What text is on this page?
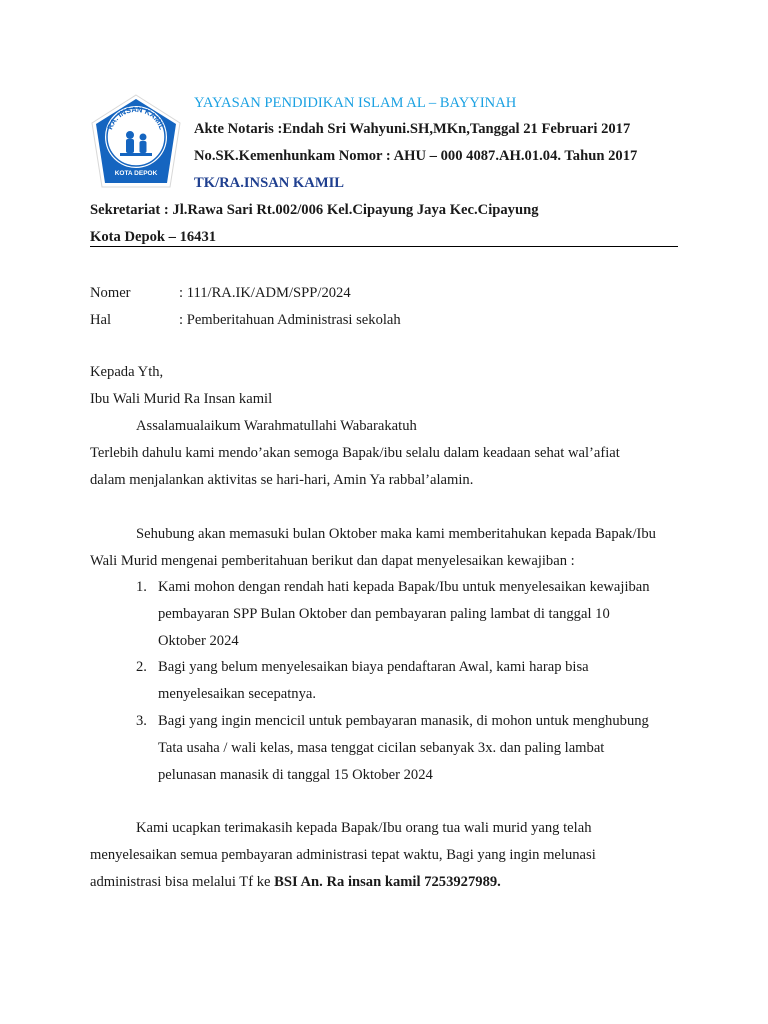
RA. INSAN KAMIL
KOTA DEPOK
YAYASAN PENDIDIKAN ISLAM AL – BAYYINAH
Akte Notaris :Endah Sri Wahyuni.SH,MKn,Tanggal 21 Februari 2017
No.SK.Kemenhunkam Nomor : AHU – 000 4087.AH.01.04. Tahun 2017
TK/RA.INSAN KAMIL
Sekretariat : Jl.Rawa Sari Rt.002/006 Kel.Cipayung Jaya Kec.Cipayung
Kota Depok – 16431
Nomer	: 111/RA.IK/ADM/SPP/2024
Hal	: Pemberitahuan Administrasi sekolah
Kepada Yth,
Ibu Wali Murid Ra Insan kamil
Assalamualaikum Warahmatullahi Wabarakatuh
Terlebih dahulu kami mendo’akan semoga Bapak/ibu selalu dalam keadaan sehat wal’afiat
dalam menjalankan aktivitas se hari-hari, Amin Ya rabbal’alamin.
Sehubung akan memasuki bulan Oktober maka kami memberitahukan kepada Bapak/Ibu
Wali Murid mengenai pemberitahuan berikut dan dapat menyelesaikan kewajiban :
1. Kami mohon dengan rendah hati kepada Bapak/Ibu untuk menyelesaikan kewajiban
pembayaran SPP Bulan Oktober dan pembayaran paling lambat di tanggal 10
Oktober 2024
2. Bagi yang belum menyelesaikan biaya pendaftaran Awal, kami harap bisa
menyelesaikan secepatnya.
3. Bagi yang ingin mencicil untuk pembayaran manasik, di mohon untuk menghubung
Tata usaha / wali kelas, masa tenggat cicilan sebanyak 3x. dan paling lambat
pelunasan manasik di tanggal 15 Oktober 2024
Kami ucapkan terimakasih kepada Bapak/Ibu orang tua wali murid yang telah
menyelesaikan semua pembayaran administrasi tepat waktu, Bagi yang ingin melunasi
administrasi bisa melalui Tf ke BSI An. Ra insan kamil 7253927989.
